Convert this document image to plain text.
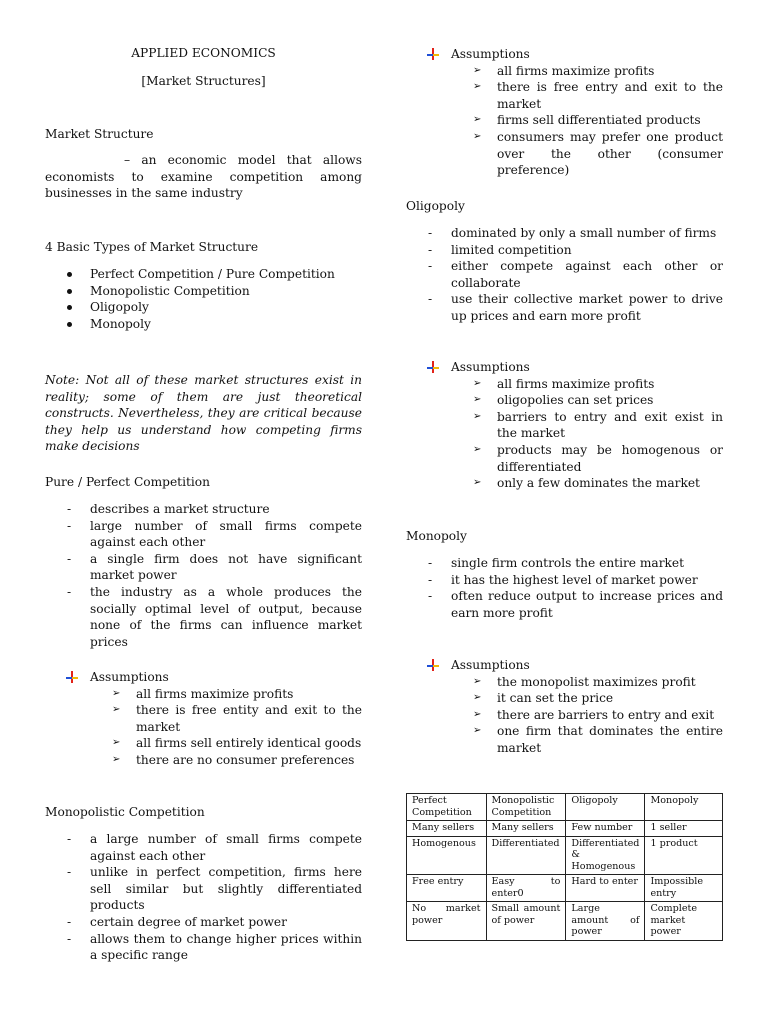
APPLIED ECONOMICS

[Market Structures]

Market Structure

– an economic model that allows economists to examine competition among businesses in the same industry

4 Basic Types of Market Structure

Perfect Competition / Pure Competition
Monopolistic Competition
Oligopoly
Monopoly

Note: Not all of these market structures exist in reality; some of them are just theoretical constructs. Nevertheless, they are critical because they help us understand how competing firms make decisions

Pure / Perfect Competition

- describes a market structure
- large number of small firms compete against each other
- a single firm does not have significant market power
- the industry as a whole produces the socially optimal level of output, because none of the firms can influence market prices
Assumptions
➢ all firms maximize profits
➢ there is free entity and exit to the market
➢ all firms sell entirely identical goods
➢ there are no consumer preferences

Monopolistic Competition

- a large number of small firms compete against each other
- unlike in perfect competition, firms here sell similar but slightly differentiated products
- certain degree of market power
- allows them to change higher prices within a specific range
Assumptions
➢ all firms maximize profits
➢ there is free entry and exit to the market
➢ firms sell differentiated products
➢ consumers may prefer one product over the other (consumer preference)

Oligopoly

- dominated by only a small number of firms
- limited competition
- either compete against each other or collaborate
- use their collective market power to drive up prices and earn more profit
Assumptions
➢ all firms maximize profits
➢ oligopolies can set prices
➢ barriers to entry and exit exist in the market
➢ products may be homogenous or differentiated
➢ only a few dominates the market

Monopoly

- single firm controls the entire market
- it has the highest level of market power
- often reduce output to increase prices and earn more profit
Assumptions
➢ the monopolist maximizes profit
➢ it can set the price
➢ there are barriers to entry and exit
➢ one firm that dominates the entire market
Perfect Competition	Monopolistic Competition	Oligopoly	Monopoly
Many sellers	Many sellers	Few number	1 seller
Homogenous	Differentiated	Differentiated & Homogenous	1 product
Free entry	Easy to enter0	Hard to enter	Impossible entry
No market power	Small amount of power	Large amount of power	Complete market power
